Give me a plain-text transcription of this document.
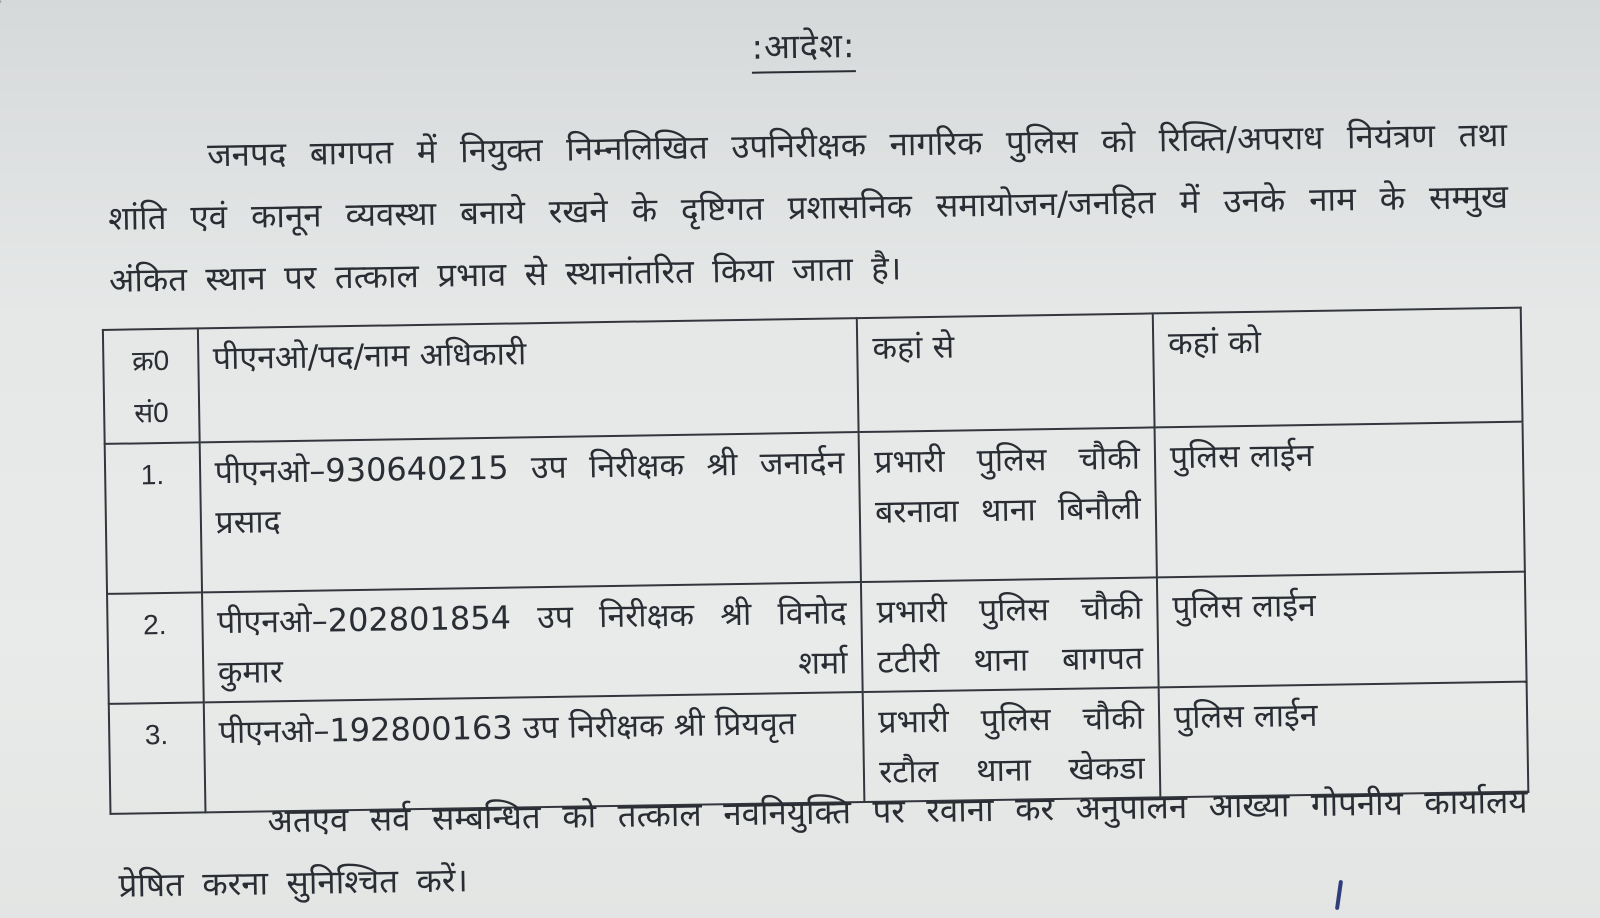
:आदेश:
जनपद बागपत में नियुक्त निम्नलिखित उपनिरीक्षक नागरिक पुलिस को रिक्ति/अपराध नियंत्रण तथा शांति एवं कानून व्यवस्था बनाये रखने के दृष्टिगत प्रशासनिक समायोजन/जनहित में उनके नाम के सम्मुख अंकित स्थान पर तत्काल प्रभाव से स्थानांतरित किया जाता है।
क्र0 सं0	पीएनओ/पद/नाम अधिकारी	कहां से	कहां को
1.	पीएनओ–930640215 उप निरीक्षक श्री जनार्दन प्रसाद	प्रभारी पुलिस चौकी बरनावा थाना बिनौली	पुलिस लाईन
2.	पीएनओ–202801854 उप निरीक्षक श्री विनोद कुमार शर्मा	प्रभारी पुलिस चौकी टटीरी थाना बागपत	पुलिस लाईन
3.	पीएनओ–192800163 उप निरीक्षक श्री प्रियवृत	प्रभारी पुलिस चौकी रटौल थाना खेकडा	पुलिस लाईन
अतएव सर्व सम्बन्धित को तत्काल नवनियुक्ति पर रवाना कर अनुपालन आख्या गोपनीय कार्यालय प्रेषित करना सुनिश्चित करें।
